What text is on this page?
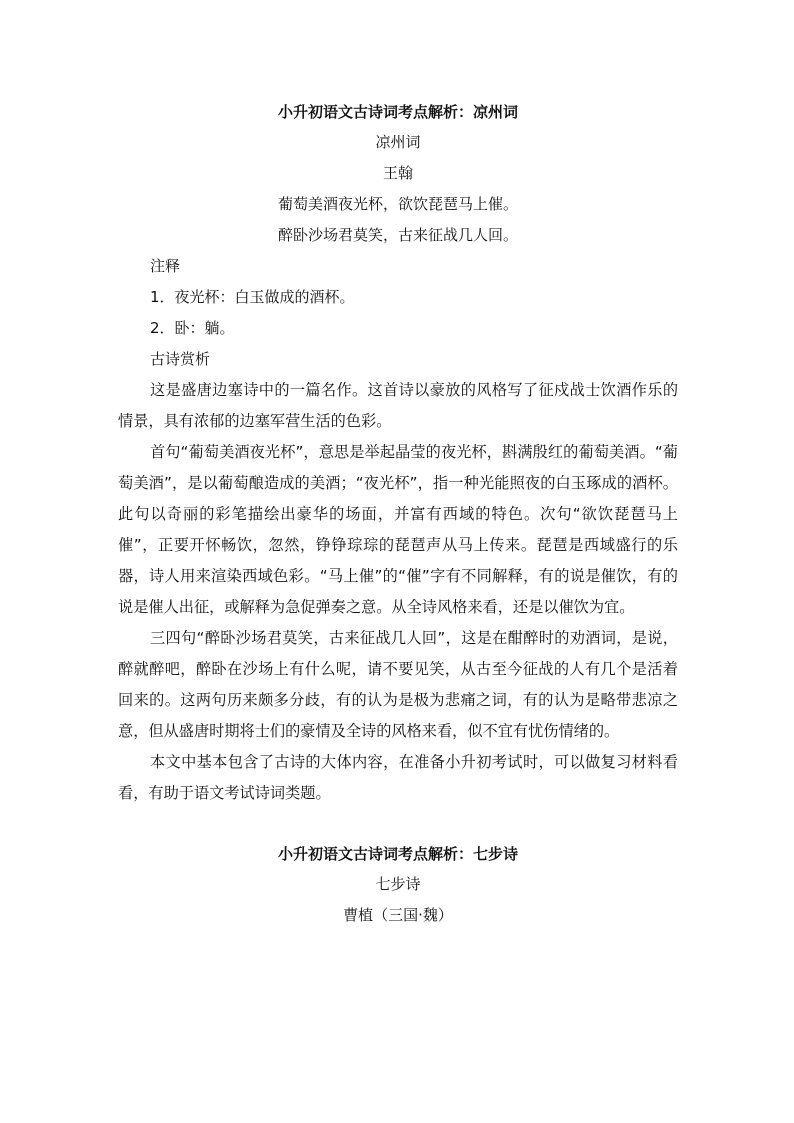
小升初语文古诗词考点解析：凉州词
凉州词
王翰
葡萄美酒夜光杯，欲饮琵琶马上催。
醉卧沙场君莫笑，古来征战几人回。
注释
1．夜光杯：白玉做成的酒杯。
2．卧：躺。
古诗赏析

这是盛唐边塞诗中的一篇名作。这首诗以豪放的风格写了征戍战士饮酒作乐的情景，具有浓郁的边塞军营生活的色彩。

首句“葡萄美酒夜光杯”，意思是举起晶莹的夜光杯，斟满殷红的葡萄美酒。“葡萄美酒”，是以葡萄酿造成的美酒；“夜光杯”，指一种光能照夜的白玉琢成的酒杯。此句以奇丽的彩笔描绘出豪华的场面，并富有西域的特色。次句“欲饮琵琶马上催”，正要开怀畅饮，忽然，铮铮琮琮的琵琶声从马上传来。琵琶是西域盛行的乐器，诗人用来渲染西域色彩。“马上催”的“催”字有不同解释，有的说是催饮，有的说是催人出征，或解释为急促弹奏之意。从全诗风格来看，还是以催饮为宜。

三四句“醉卧沙场君莫笑，古来征战几人回”，这是在酣醉时的劝酒词，是说，醉就醉吧，醉卧在沙场上有什么呢，请不要见笑，从古至今征战的人有几个是活着回来的。这两句历来颇多分歧，有的认为是极为悲痛之词，有的认为是略带悲凉之意，但从盛唐时期将士们的豪情及全诗的风格来看，似不宜有忧伤情绪的。

本文中基本包含了古诗的大体内容，在准备小升初考试时，可以做复习材料看看，有助于语文考试诗词类题。

小升初语文古诗词考点解析：七步诗
七步诗
曹植（三国·魏）
